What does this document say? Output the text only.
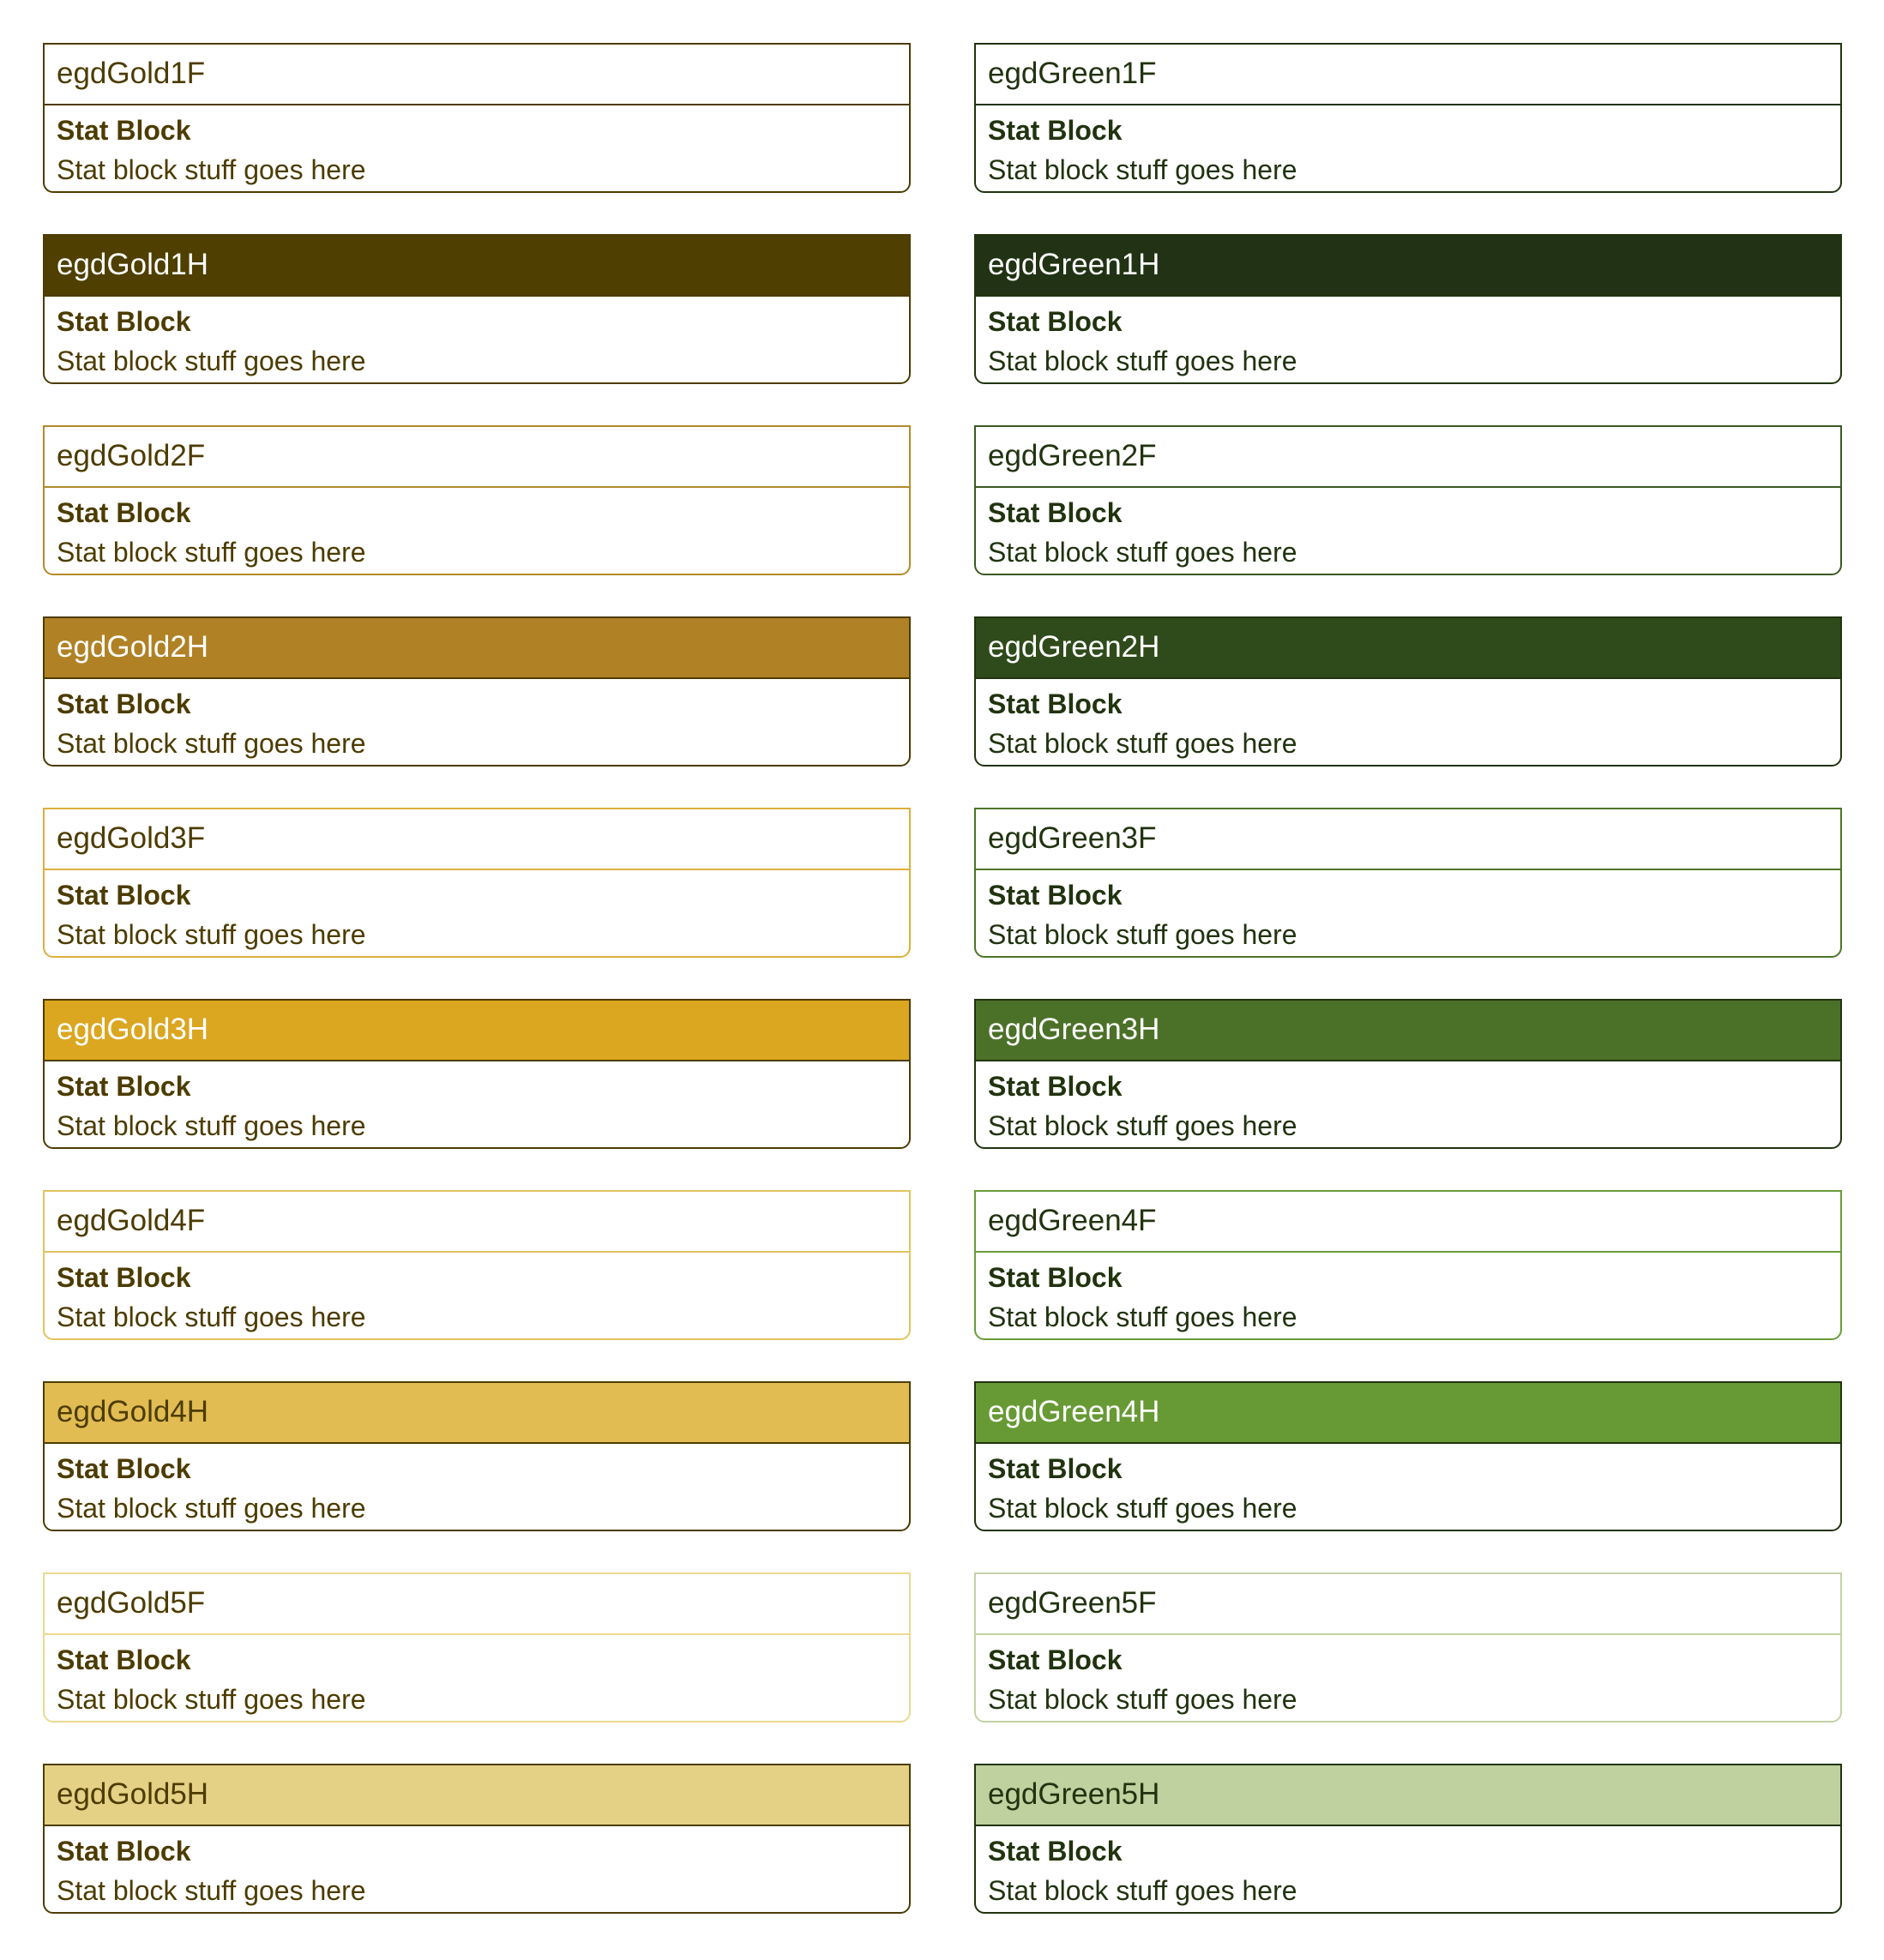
egdGold1F
Stat Block
Stat block stuff goes here
egdGold1H
Stat Block
Stat block stuff goes here
egdGold2F
Stat Block
Stat block stuff goes here
egdGold2H
Stat Block
Stat block stuff goes here
egdGold3F
Stat Block
Stat block stuff goes here
egdGold3H
Stat Block
Stat block stuff goes here
egdGold4F
Stat Block
Stat block stuff goes here
egdGold4H
Stat Block
Stat block stuff goes here
egdGold5F
Stat Block
Stat block stuff goes here
egdGold5H
Stat Block
Stat block stuff goes here
egdGreen1F
Stat Block
Stat block stuff goes here
egdGreen1H
Stat Block
Stat block stuff goes here
egdGreen2F
Stat Block
Stat block stuff goes here
egdGreen2H
Stat Block
Stat block stuff goes here
egdGreen3F
Stat Block
Stat block stuff goes here
egdGreen3H
Stat Block
Stat block stuff goes here
egdGreen4F
Stat Block
Stat block stuff goes here
egdGreen4H
Stat Block
Stat block stuff goes here
egdGreen5F
Stat Block
Stat block stuff goes here
egdGreen5H
Stat Block
Stat block stuff goes here
